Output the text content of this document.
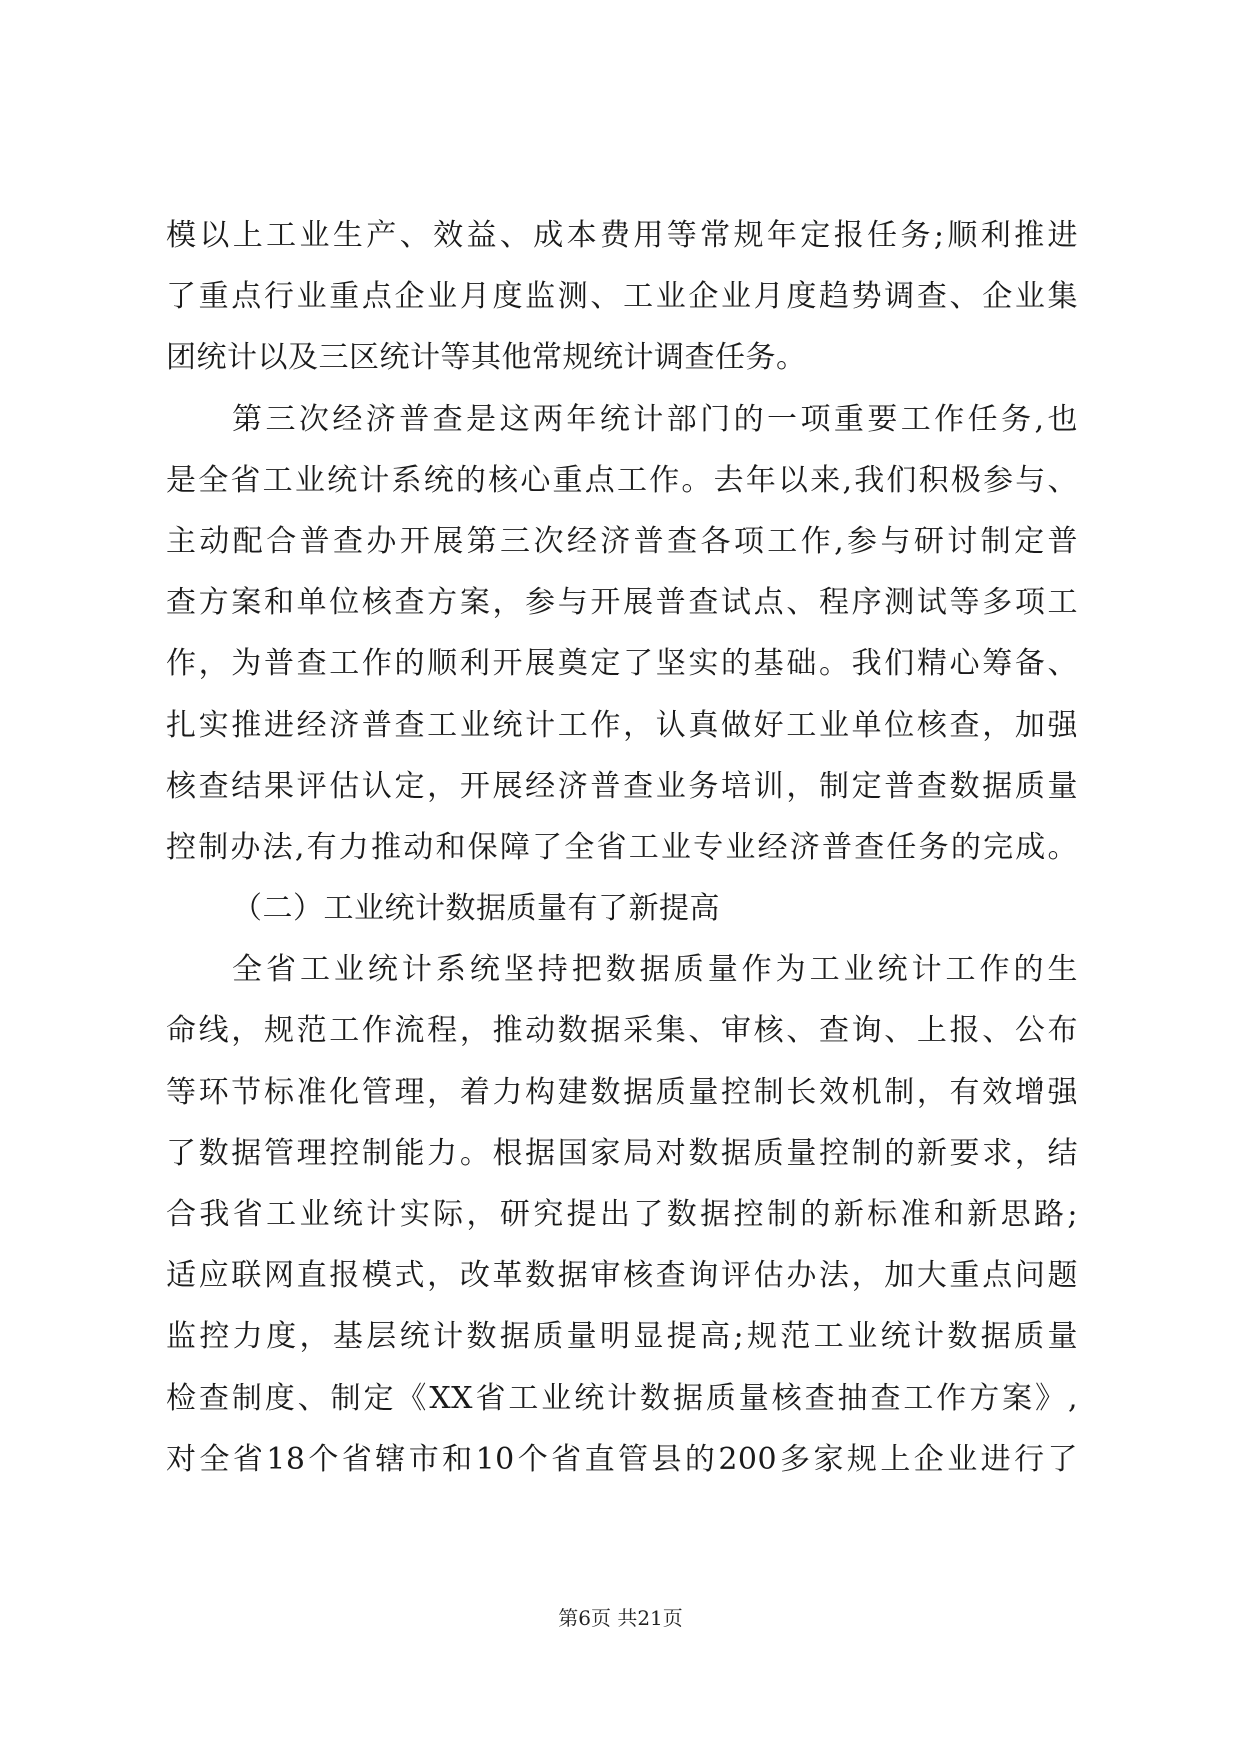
模以上工业生产、效益、成本费用等常规年定报任务;顺利推进
了重点行业重点企业月度监测、工业企业月度趋势调查、企业集
团统计以及三区统计等其他常规统计调查任务。
第三次经济普查是这两年统计部门的一项重要工作任务,也
是全省工业统计系统的核心重点工作。去年以来,我们积极参与、
主动配合普查办开展第三次经济普查各项工作,参与研讨制定普
查方案和单位核查方案，参与开展普查试点、程序测试等多项工
作，为普查工作的顺利开展奠定了坚实的基础。我们精心筹备、
扎实推进经济普查工业统计工作，认真做好工业单位核查，加强
核查结果评估认定，开展经济普查业务培训，制定普查数据质量
控制办法,有力推动和保障了全省工业专业经济普查任务的完成。
（二）工业统计数据质量有了新提高
全省工业统计系统坚持把数据质量作为工业统计工作的生
命线，规范工作流程，推动数据采集、审核、查询、上报、公布
等环节标准化管理，着力构建数据质量控制长效机制，有效增强
了数据管理控制能力。根据国家局对数据质量控制的新要求，结
合我省工业统计实际，研究提出了数据控制的新标准和新思路;
适应联网直报模式，改革数据审核查询评估办法，加大重点问题
监控力度，基层统计数据质量明显提高;规范工业统计数据质量
检查制度、制定《XX省工业统计数据质量核查抽查工作方案》,
对全省18个省辖市和10个省直管县的200多家规上企业进行了
第6页 共21页
